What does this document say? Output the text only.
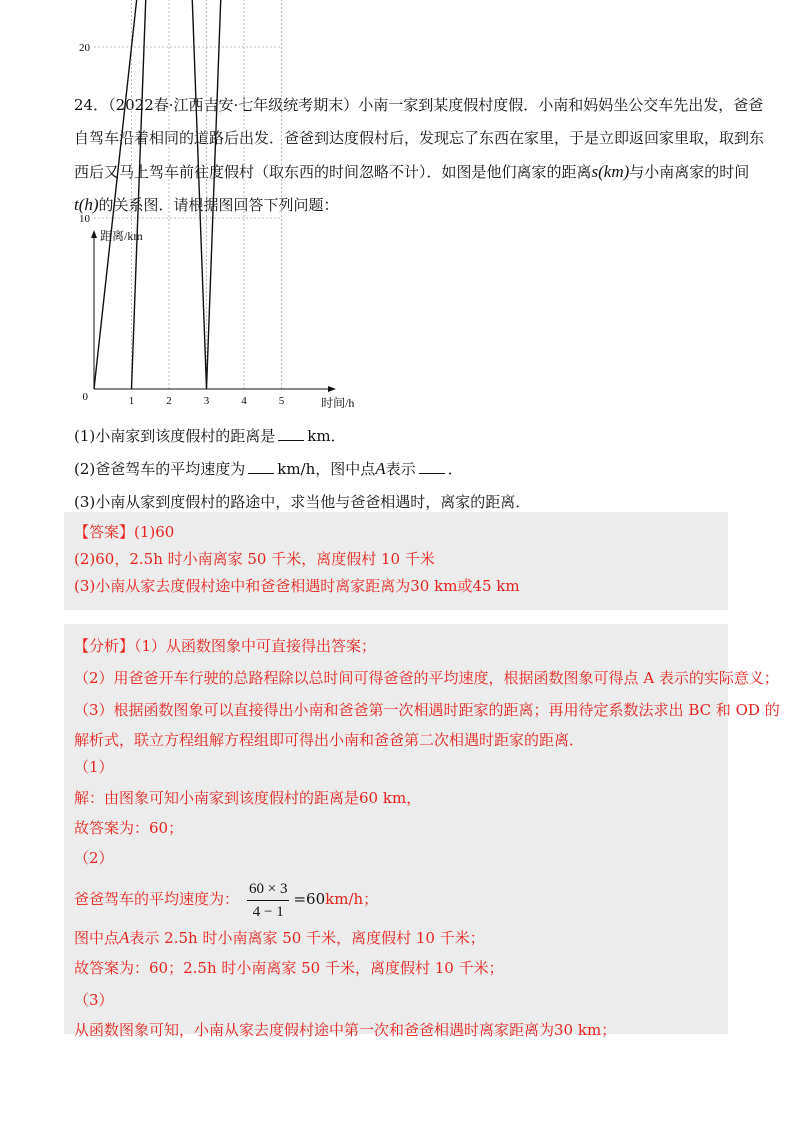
24．（2022春·江西吉安·七年级统考期末）小南一家到某度假村度假．小南和妈妈坐公交车先出发，爸爸
自驾车沿着相同的道路后出发．爸爸到达度假村后，发现忘了东西在家里，于是立即返回家里取，取到东
西后又马上驾车前往度假村（取东西的时间忽略不计）．如图是他们离家的距离s(km)与小南离家的时间
t(h)的关系图．请根据图回答下列问题：
距离/km
时间/h
1	2	3	4	5
10
20
0
(1)小南家到该度假村的距离是 km．
(2)爸爸驾车的平均速度为 km/h，图中点A表示 ．
(3)小南从家到度假村的路途中，求当他与爸爸相遇时，离家的距离．
【答案】(1)60
(2)60，2.5h 时小南离家 50 千米，离度假村 10 千米
(3)小南从家去度假村途中和爸爸相遇时离家距离为30 km或45 km
【分析】（1）从函数图象中可直接得出答案；
（2）用爸爸开车行驶的总路程除以总时间可得爸爸的平均速度，根据函数图象可得点 A 表示的实际意义；
（3）根据函数图象可以直接得出小南和爸爸第一次相遇时距家的距离；再用待定系数法求出 BC 和 OD 的
解析式，联立方程组解方程组即可得出小南和爸爸第二次相遇时距家的距离．
（1）
解：由图象可知小南家到该度假村的距离是60 km，
故答案为：60；
（2）
爸爸驾车的平均速度为： $\frac{60 \times 3}{4 - 1} =60km/h$；
图中点A表示 2.5h 时小南离家 50 千米，离度假村 10 千米；
故答案为：60；2.5h 时小南离家 50 千米，离度假村 10 千米；
（3）
从函数图象可知，小南从家去度假村途中第一次和爸爸相遇时离家距离为30 km；
